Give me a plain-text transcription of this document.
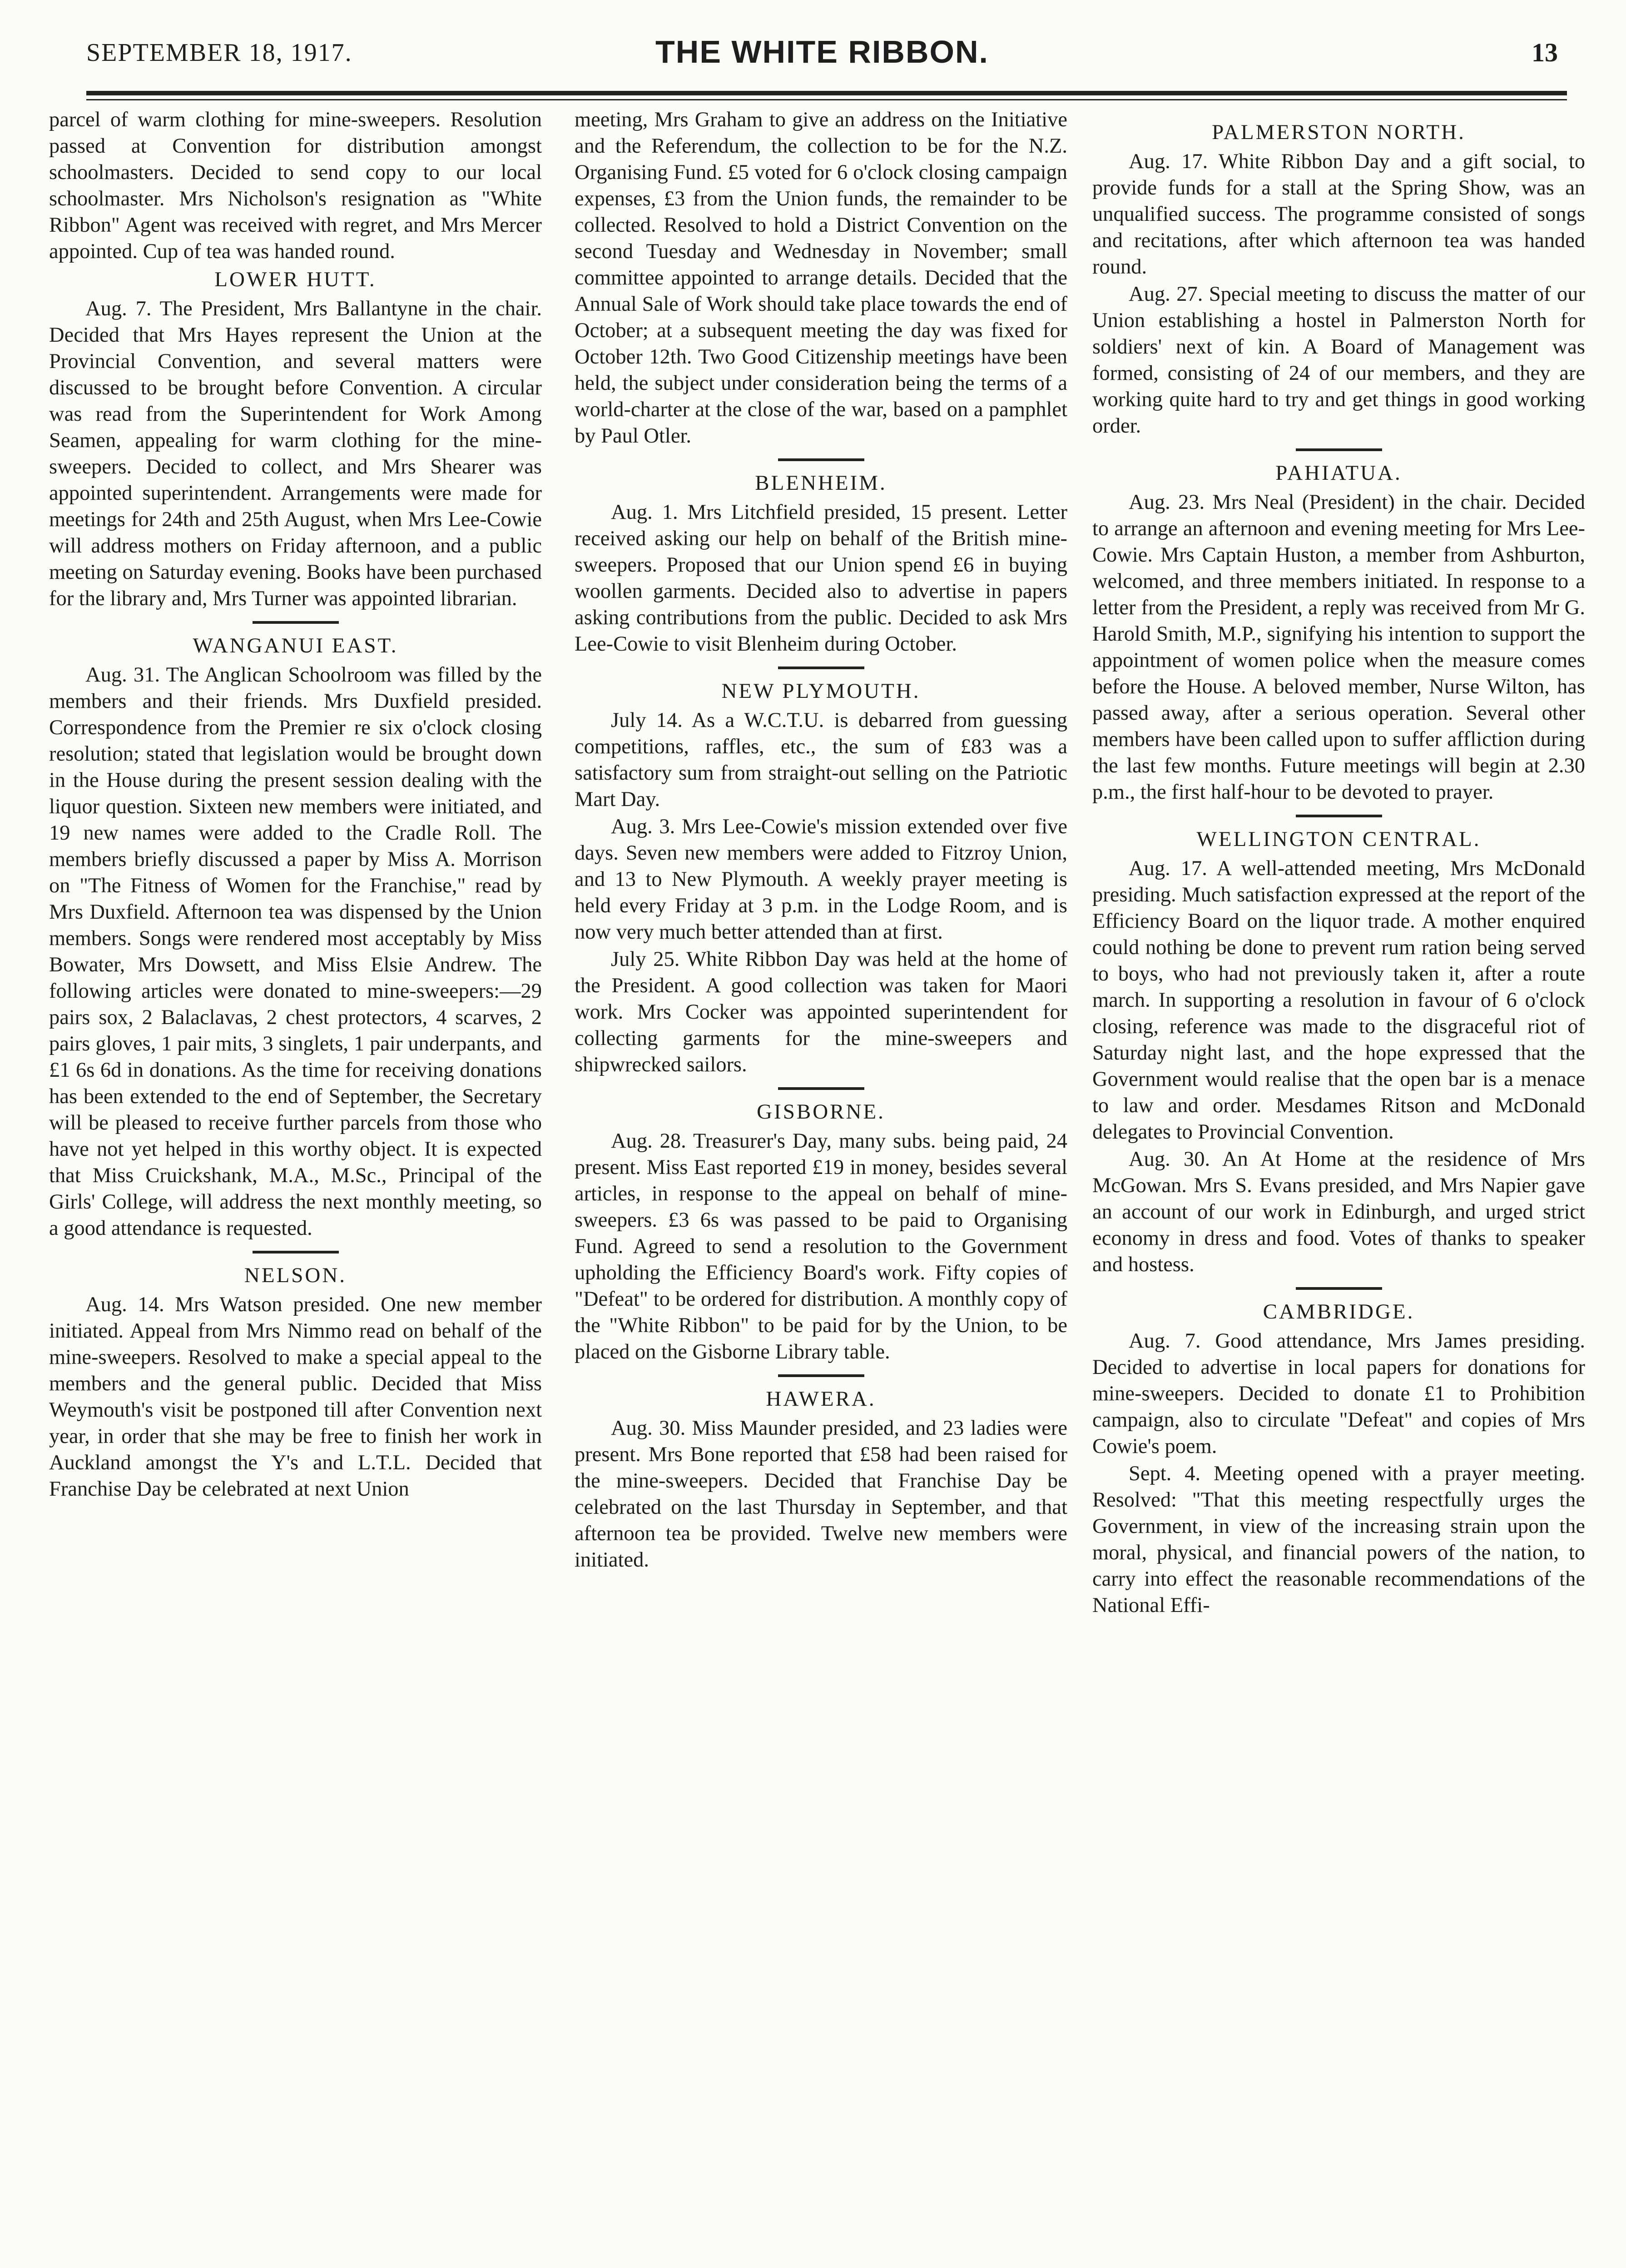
SEPTEMBER 18, 1917.	THE WHITE RIBBON.	13

parcel of warm clothing for mine-sweepers. Resolution passed at Convention for distribution amongst schoolmasters. Decided to send copy to our local schoolmaster. Mrs Nicholson's resignation as "White Ribbon" Agent was received with regret, and Mrs Mercer appointed. Cup of tea was handed round.

LOWER HUTT.

Aug. 7. The President, Mrs Ballantyne in the chair. Decided that Mrs Hayes represent the Union at the Provincial Convention, and several matters were discussed to be brought before Convention. A circular was read from the Superintendent for Work Among Seamen, appealing for warm clothing for the mine-sweepers. Decided to collect, and Mrs Shearer was appointed superintendent. Arrangements were made for meetings for 24th and 25th August, when Mrs Lee-Cowie will address mothers on Friday afternoon, and a public meeting on Saturday evening. Books have been purchased for the library and, Mrs Turner was appointed librarian.

WANGANUI EAST.

Aug. 31. The Anglican Schoolroom was filled by the members and their friends. Mrs Duxfield presided. Correspondence from the Premier re six o'clock closing resolution; stated that legislation would be brought down in the House during the present session dealing with the liquor question. Sixteen new members were initiated, and 19 new names were added to the Cradle Roll. The members briefly discussed a paper by Miss A. Morrison on "The Fitness of Women for the Franchise," read by Mrs Duxfield. Afternoon tea was dispensed by the Union members. Songs were rendered most acceptably by Miss Bowater, Mrs Dowsett, and Miss Elsie Andrew. The following articles were donated to mine-sweepers:—29 pairs sox, 2 Balaclavas, 2 chest protectors, 4 scarves, 2 pairs gloves, 1 pair mits, 3 singlets, 1 pair underpants, and £1 6s 6d in donations. As the time for receiving donations has been extended to the end of September, the Secretary will be pleased to receive further parcels from those who have not yet helped in this worthy object. It is expected that Miss Cruickshank, M.A., M.Sc., Principal of the Girls' College, will address the next monthly meeting, so a good attendance is requested.

NELSON.

Aug. 14. Mrs Watson presided. One new member initiated. Appeal from Mrs Nimmo read on behalf of the mine-sweepers. Resolved to make a special appeal to the members and the general public. Decided that Miss Weymouth's visit be postponed till after Convention next year, in order that she may be free to finish her work in Auckland amongst the Y's and L.T.L. Decided that Franchise Day be celebrated at next Union

meeting, Mrs Graham to give an address on the Initiative and the Referendum, the collection to be for the N.Z. Organising Fund. £5 voted for 6 o'clock closing campaign expenses, £3 from the Union funds, the remainder to be collected. Resolved to hold a District Convention on the second Tuesday and Wednesday in November; small committee appointed to arrange details. Decided that the Annual Sale of Work should take place towards the end of October; at a subsequent meeting the day was fixed for October 12th. Two Good Citizenship meetings have been held, the subject under consideration being the terms of a world-charter at the close of the war, based on a pamphlet by Paul Otler.

BLENHEIM.

Aug. 1. Mrs Litchfield presided, 15 present. Letter received asking our help on behalf of the British mine-sweepers. Proposed that our Union spend £6 in buying woollen garments. Decided also to advertise in papers asking contributions from the public. Decided to ask Mrs Lee-Cowie to visit Blenheim during October.

NEW PLYMOUTH.

July 14. As a W.C.T.U. is debarred from guessing competitions, raffles, etc., the sum of £83 was a satisfactory sum from straight-out selling on the Patriotic Mart Day.

Aug. 3. Mrs Lee-Cowie's mission extended over five days. Seven new members were added to Fitzroy Union, and 13 to New Plymouth. A weekly prayer meeting is held every Friday at 3 p.m. in the Lodge Room, and is now very much better attended than at first.

July 25. White Ribbon Day was held at the home of the President. A good collection was taken for Maori work. Mrs Cocker was appointed superintendent for collecting garments for the mine-sweepers and shipwrecked sailors.

GISBORNE.

Aug. 28. Treasurer's Day, many subs. being paid, 24 present. Miss East reported £19 in money, besides several articles, in response to the appeal on behalf of mine-sweepers. £3 6s was passed to be paid to Organising Fund. Agreed to send a resolution to the Government upholding the Efficiency Board's work. Fifty copies of "Defeat" to be ordered for distribution. A monthly copy of the "White Ribbon" to be paid for by the Union, to be placed on the Gisborne Library table.

HAWERA.

Aug. 30. Miss Maunder presided, and 23 ladies were present. Mrs Bone reported that £58 had been raised for the mine-sweepers. Decided that Franchise Day be celebrated on the last Thursday in September, and that afternoon tea be provided. Twelve new members were initiated.

PALMERSTON NORTH.

Aug. 17. White Ribbon Day and a gift social, to provide funds for a stall at the Spring Show, was an unqualified success. The programme consisted of songs and recitations, after which afternoon tea was handed round.

Aug. 27. Special meeting to discuss the matter of our Union establishing a hostel in Palmerston North for soldiers' next of kin. A Board of Management was formed, consisting of 24 of our members, and they are working quite hard to try and get things in good working order.

PAHIATUA.

Aug. 23. Mrs Neal (President) in the chair. Decided to arrange an afternoon and evening meeting for Mrs Lee-Cowie. Mrs Captain Huston, a member from Ashburton, welcomed, and three members initiated. In response to a letter from the President, a reply was received from Mr G. Harold Smith, M.P., signifying his intention to support the appointment of women police when the measure comes before the House. A beloved member, Nurse Wilton, has passed away, after a serious operation. Several other members have been called upon to suffer affliction during the last few months. Future meetings will begin at 2.30 p.m., the first half-hour to be devoted to prayer.

WELLINGTON CENTRAL.

Aug. 17. A well-attended meeting, Mrs McDonald presiding. Much satisfaction expressed at the report of the Efficiency Board on the liquor trade. A mother enquired could nothing be done to prevent rum ration being served to boys, who had not previously taken it, after a route march. In supporting a resolution in favour of 6 o'clock closing, reference was made to the disgraceful riot of Saturday night last, and the hope expressed that the Government would realise that the open bar is a menace to law and order. Mesdames Ritson and McDonald delegates to Provincial Convention.

Aug. 30. An At Home at the residence of Mrs McGowan. Mrs S. Evans presided, and Mrs Napier gave an account of our work in Edinburgh, and urged strict economy in dress and food. Votes of thanks to speaker and hostess.

CAMBRIDGE.

Aug. 7. Good attendance, Mrs James presiding. Decided to advertise in local papers for donations for mine-sweepers. Decided to donate £1 to Prohibition campaign, also to circulate "Defeat" and copies of Mrs Cowie's poem.

Sept. 4. Meeting opened with a prayer meeting. Resolved: "That this meeting respectfully urges the Government, in view of the increasing strain upon the moral, physical, and financial powers of the nation, to carry into effect the reasonable recommendations of the National Effi-
